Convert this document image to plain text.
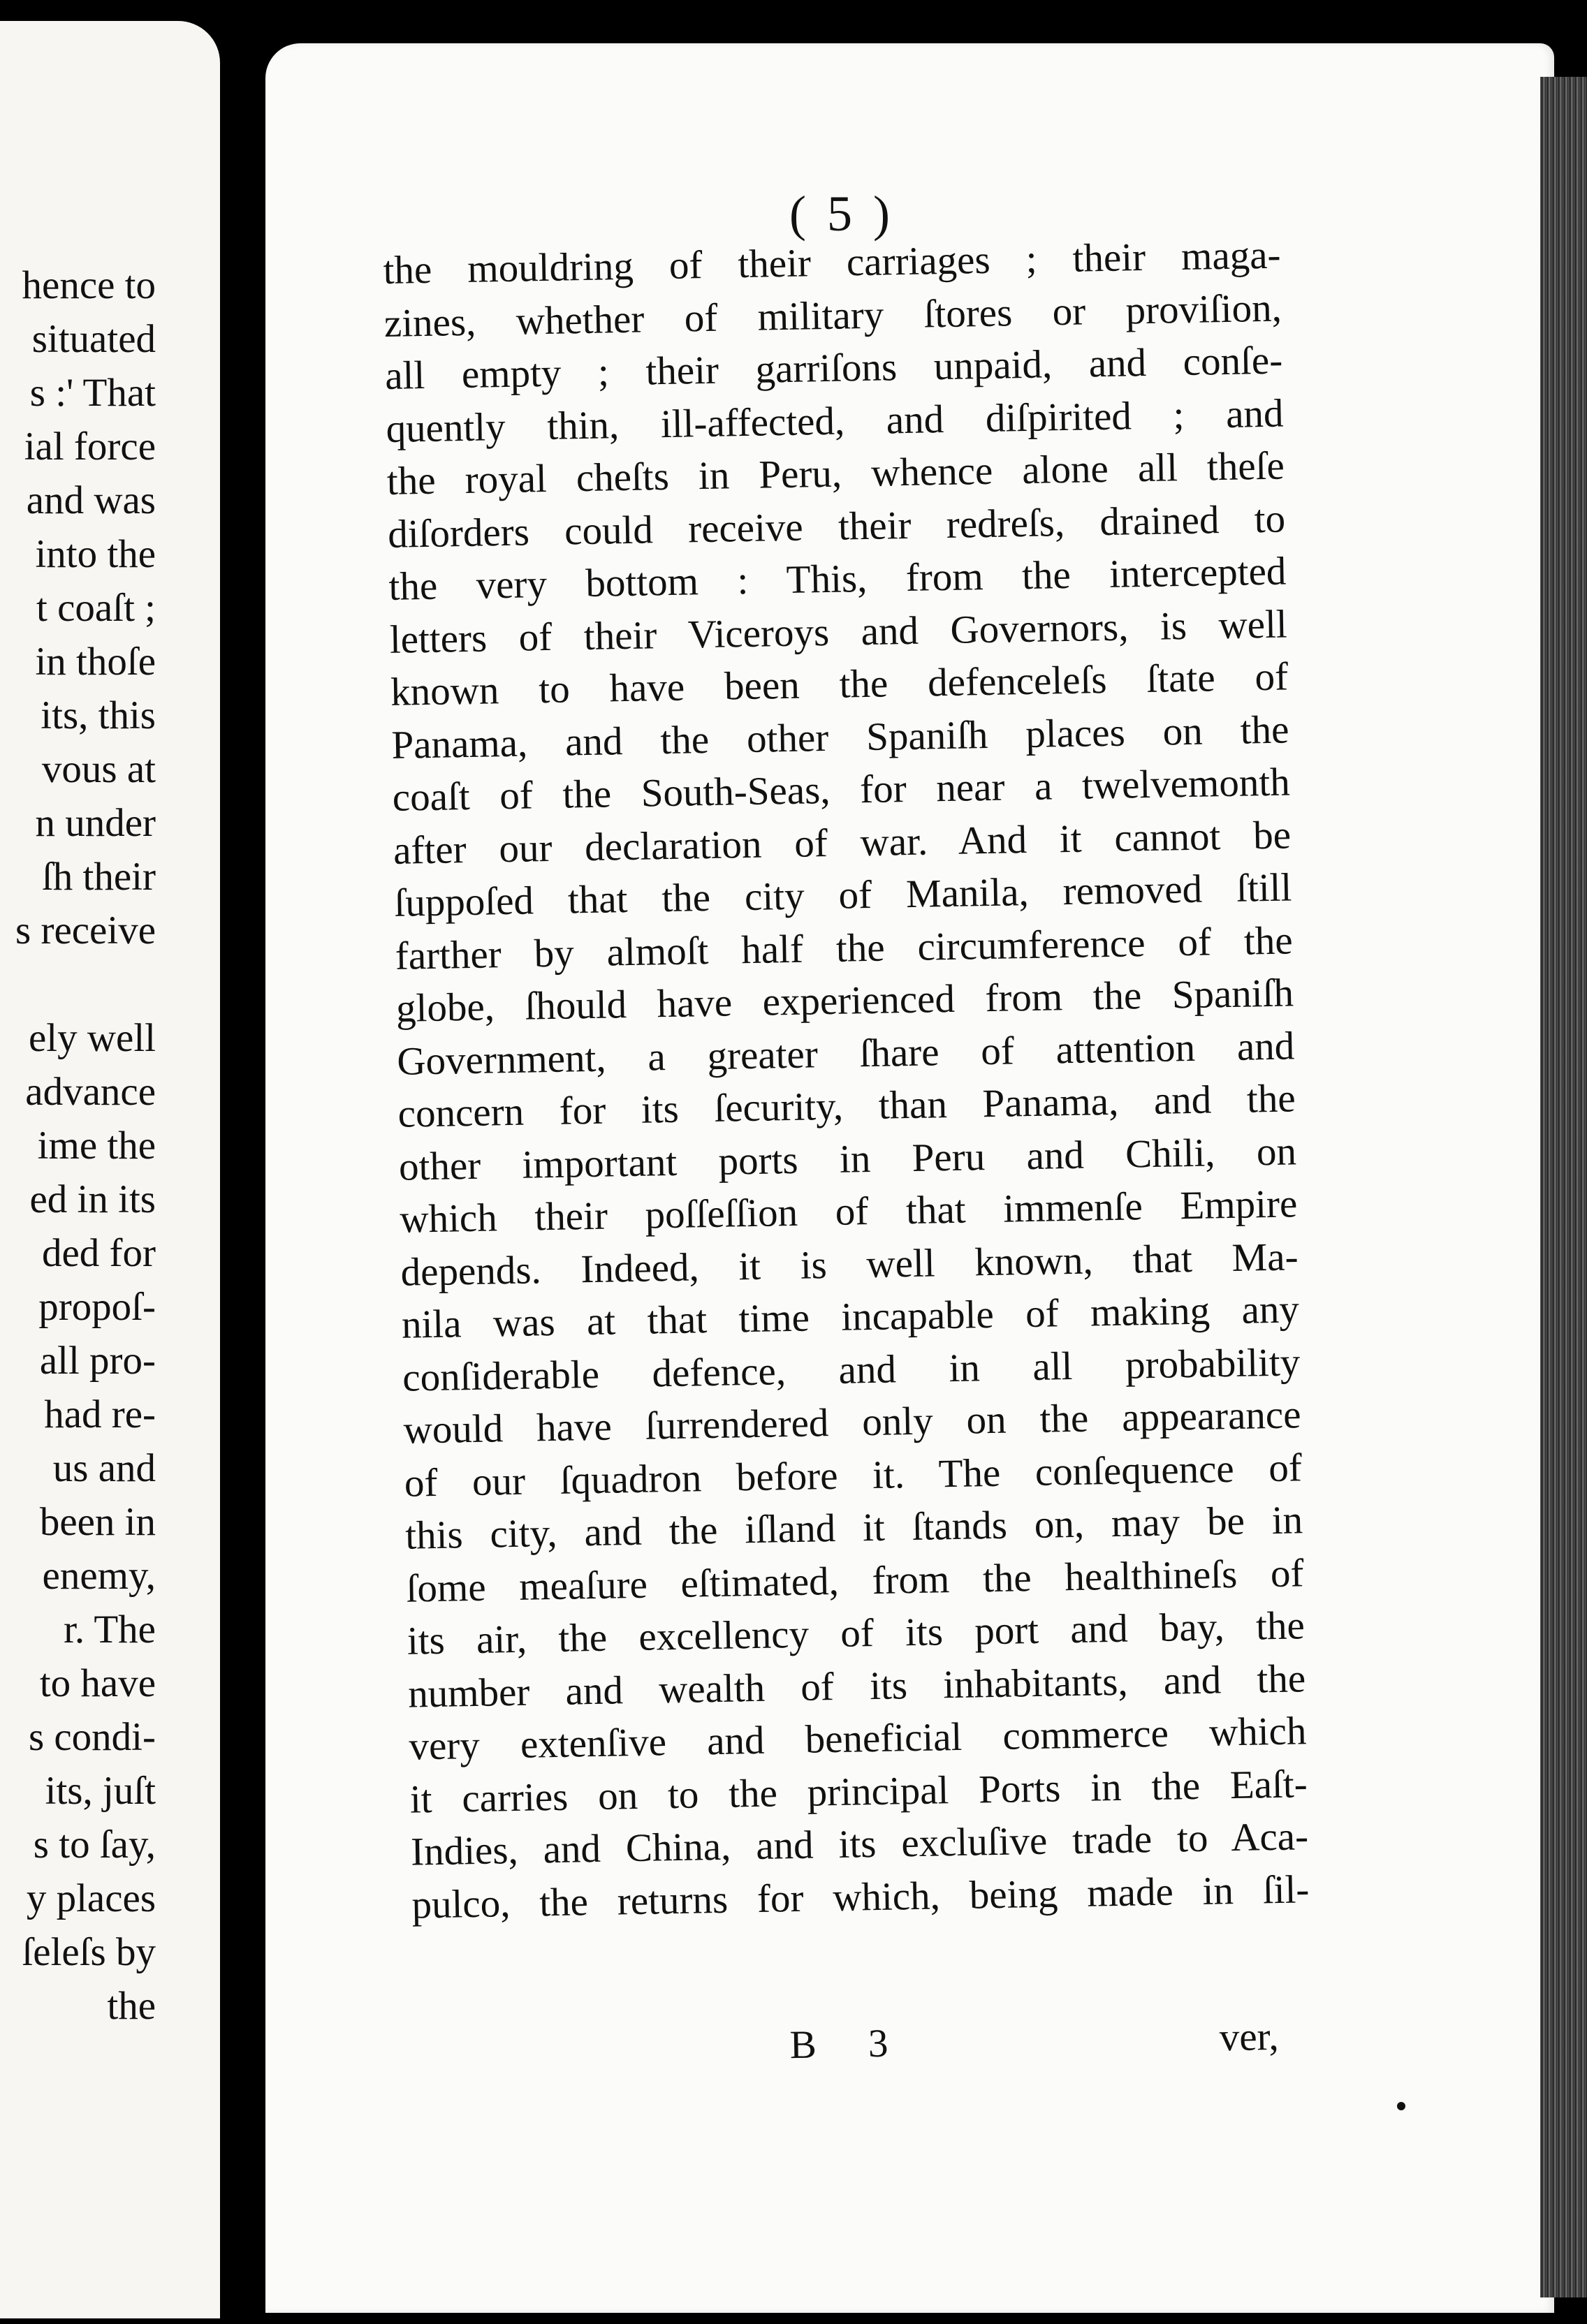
hence to
situated
s :' That
ial force
and was
into the
t coaſt ;
in thoſe
its, this
vous at
n under
ſh their
s receive
ely well
advance
ime the
ed in its
ded for
propoſ-
all pro-
had re-
us and
been in
enemy,
r. The
to have
s condi-
its, juſt
s to ſay,
y places
ſeleſs by
the
( 5 )
the mouldring of their carriages ; their maga-
zines, whether of military ſtores or proviſion,
all empty ; their garriſons unpaid, and conſe-
quently thin, ill-affected, and diſpirited ; and
the royal cheſts in Peru, whence alone all theſe
diſorders could receive their redreſs, drained to
the very bottom : This, from the intercepted
letters of their Viceroys and Governors, is well
known to have been the defenceleſs ſtate of
Panama, and the other Spaniſh places on the
coaſt of the South-Seas, for near a twelvemonth
after our declaration of war. And it cannot be
ſuppoſed that the city of Manila, removed ſtill
farther by almoſt half the circumference of the
globe, ſhould have experienced from the Spaniſh
Government, a greater ſhare of attention and
concern for its ſecurity, than Panama, and the
other important ports in Peru and Chili, on
which their poſſeſſion of that immenſe Empire
depends. Indeed, it is well known, that Ma-
nila was at that time incapable of making any
conſiderable defence, and in all probability
would have ſurrendered only on the appearance
of our ſquadron before it. The conſequence of
this city, and the iſland it ſtands on, may be in
ſome meaſure eſtimated, from the healthineſs of
its air, the excellency of its port and bay, the
number and wealth of its inhabitants, and the
very extenſive and beneficial commerce which
it carries on to the principal Ports in the Eaſt-
Indies, and China, and its excluſive trade to Aca-
pulco, the returns for which, being made in ſil-
B 3	ver,
